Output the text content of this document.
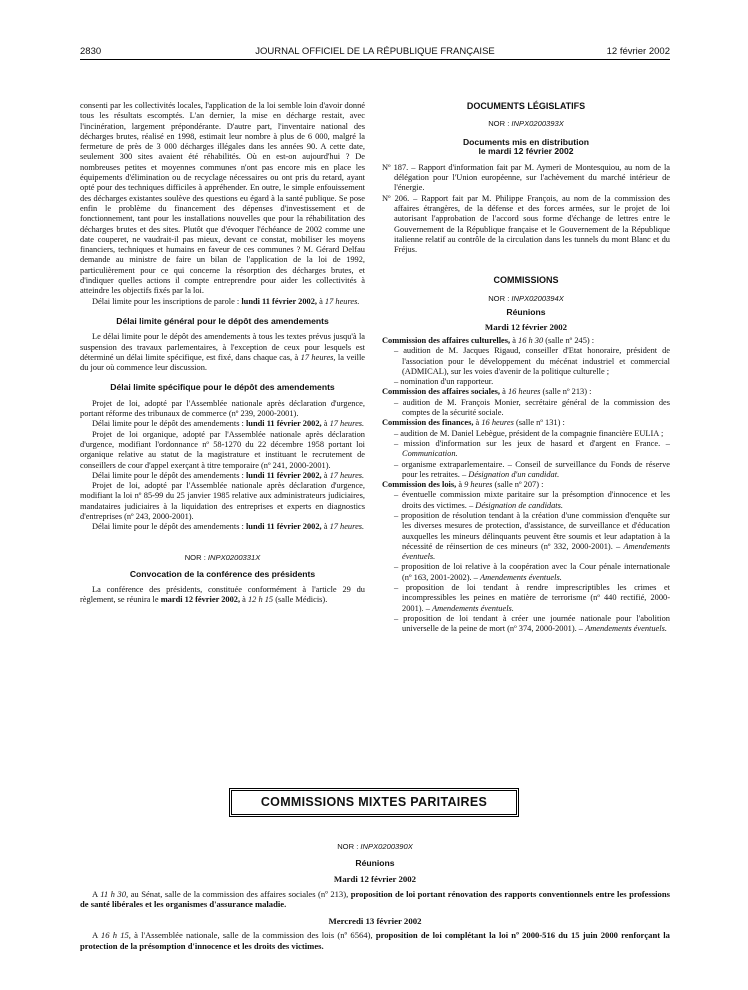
2830	JOURNAL OFFICIEL DE LA RÉPUBLIQUE FRANÇAISE	12 février 2002

consenti par les collectivités locales, l'application de la loi semble loin d'avoir donné tous les résultats escomptés. L'an dernier, la mise en décharge restait, avec l'incinération, largement prépondérante. D'autre part, l'inventaire national des décharges brutes, réalisé en 1998, estimait leur nombre à plus de 6 000, malgré la fermeture de près de 3 000 décharges illégales dans les années 90. A cette date, seulement 300 sites avaient été réhabilités. Où en est-on aujourd'hui ? De nombreuses petites et moyennes communes n'ont pas encore mis en place les équipements d'élimination ou de recyclage nécessaires ou ont pris du retard, ayant opté pour des techniques difficiles à appréhender. En outre, le simple enfouissement des décharges existantes soulève des questions eu égard à la santé publique. Se pose enfin le problème du financement des dépenses d'investissement et de fonctionnement, tant pour les installations nouvelles que pour la réhabilitation des décharges brutes et des sites. Plutôt que d'évoquer l'échéance de 2002 comme une date couperet, ne vaudrait-il pas mieux, devant ce constat, mobiliser les moyens financiers, techniques et humains en faveur de ces communes ? M. Gérard Delfau demande au ministre de faire un bilan de l'application de la loi de 1992, particulièrement pour ce qui concerne la résorption des décharges brutes, et d'indiquer quelles actions il compte entreprendre pour aider les collectivités à atteindre les objectifs fixés par la loi.

Délai limite pour les inscriptions de parole : lundi 11 février 2002, à 17 heures.

Délai limite général pour le dépôt des amendements

Le délai limite pour le dépôt des amendements à tous les textes prévus jusqu'à la suspension des travaux parlementaires, à l'exception de ceux pour lesquels est déterminé un délai limite spécifique, est fixé, dans chaque cas, à 17 heures, la veille du jour où commence leur discussion.

Délai limite spécifique pour le dépôt des amendements

Projet de loi, adopté par l'Assemblée nationale après déclaration d'urgence, portant réforme des tribunaux de commerce (nº 239, 2000-2001).

Délai limite pour le dépôt des amendements : lundi 11 février 2002, à 17 heures.

Projet de loi organique, adopté par l'Assemblée nationale après déclaration d'urgence, modifiant l'ordonnance nº 58-1270 du 22 décembre 1958 portant loi organique relative au statut de la magistrature et instituant le recrutement de conseillers de cour d'appel exerçant à titre temporaire (nº 241, 2000-2001).

Délai limite pour le dépôt des amendements : lundi 11 février 2002, à 17 heures.

Projet de loi, adopté par l'Assemblée nationale après déclaration d'urgence, modifiant la loi nº 85-99 du 25 janvier 1985 relative aux administrateurs judiciaires, mandataires judiciaires à la liquidation des entreprises et experts en diagnostics d'entreprises (nº 243, 2000-2001).

Délai limite pour le dépôt des amendements : lundi 11 février 2002, à 17 heures.

NOR : INPX0200331X
Convocation de la conférence des présidents

La conférence des présidents, constituée conformément à l'article 29 du règlement, se réunira le mardi 12 février 2002, à 12 h 15 (salle Médicis).

DOCUMENTS LÉGISLATIFS
NOR : INPX0200393X
Documents mis en distribution
le mardi 12 février 2002

Nº 187. – Rapport d'information fait par M. Aymeri de Montesquiou, au nom de la délégation pour l'Union européenne, sur l'achèvement du marché intérieur de l'énergie.

Nº 206. – Rapport fait par M. Philippe François, au nom de la commission des affaires étrangères, de la défense et des forces armées, sur le projet de loi autorisant l'approbation de l'accord sous forme d'échange de lettres entre le Gouvernement de la République française et le Gouvernement de la République italienne relatif au contrôle de la circulation dans les tunnels du mont Blanc et du Fréjus.

COMMISSIONS
NOR : INPX0200394X
Réunions
Mardi 12 février 2002

Commission des affaires culturelles, à 16 h 30 (salle nº 245) :

– audition de M. Jacques Rigaud, conseiller d'Etat honoraire, président de l'association pour le développement du mécénat industriel et commercial (ADMICAL), sur les voies d'avenir de la politique culturelle ;

– nomination d'un rapporteur.

Commission des affaires sociales, à 16 heures (salle nº 213) :

– audition de M. François Monier, secrétaire général de la commission des comptes de la sécurité sociale.

Commission des finances, à 16 heures (salle nº 131) :

– audition de M. Daniel Lebègue, président de la compagnie financière EULIA ;

– mission d'information sur les jeux de hasard et d'argent en France. – Communication.

– organisme extraparlementaire. – Conseil de surveillance du Fonds de réserve pour les retraites. – Désignation d'un candidat.

Commission des lois, à 9 heures (salle nº 207) :

– éventuelle commission mixte paritaire sur la présomption d'innocence et les droits des victimes. – Désignation de candidats.

– proposition de résolution tendant à la création d'une commission d'enquête sur les diverses mesures de protection, d'assistance, de surveillance et d'éducation auxquelles les mineurs délinquants peuvent être soumis et leur adaptation à la nécessité de réinsertion de ces mineurs (nº 332, 2000-2001). – Amendements éventuels.

– proposition de loi relative à la coopération avec la Cour pénale internationale (nº 163, 2001-2002). – Amendements éventuels.

– proposition de loi tendant à rendre imprescriptibles les crimes et incompressibles les peines en matière de terrorisme (nº 440 rectifié, 2000-2001). – Amendements éventuels.

– proposition de loi tendant à créer une journée nationale pour l'abolition universelle de la peine de mort (nº 374, 2000-2001). – Amendements éventuels.

COMMISSIONS MIXTES PARITAIRES
NOR : INPX0200390X
Réunions
Mardi 12 février 2002

A 11 h 30, au Sénat, salle de la commission des affaires sociales (nº 213), proposition de loi portant rénovation des rapports conventionnels entre les professions de santé libérales et les organismes d'assurance maladie.

Mercredi 13 février 2002

A 16 h 15, à l'Assemblée nationale, salle de la commission des lois (nº 6564), proposition de loi complétant la loi nº 2000-516 du 15 juin 2000 renforçant la protection de la présomption d'innocence et les droits des victimes.
